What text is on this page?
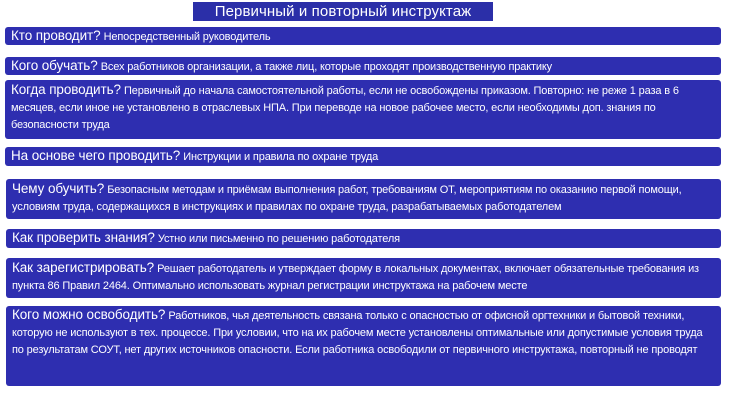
Первичный и повторный инструктаж
Кто проводит? Непосредственный руководитель
Кого обучать? Всех работников организации, а также лиц, которые проходят производственную практику
Когда проводить? Первичный до начала самостоятельной работы, если не освобождены приказом. Повторно: не реже 1 раза в 6 месяцев, если иное не установлено в отраслевых НПА. При переводе на новое рабочее место, если необходимы доп. знания по безопасности труда
На основе чего проводить? Инструкции и правила по охране труда
Чему обучить? Безопасным методам и приёмам выполнения работ, требованиям ОТ, мероприятиям по оказанию первой помощи, условиям труда, содержащихся в инструкциях и правилах по охране труда, разрабатываемых работодателем
Как проверить знания? Устно или письменно по решению работодателя
Как зарегистрировать? Решает работодатель и утверждает форму в локальных документах, включает обязательные требования из пункта 86 Правил 2464. Оптимально использовать журнал регистрации инструктажа на рабочем месте
Кого можно освободить? Работников, чья деятельность связана только с опасностью от офисной оргтехники и бытовой техники, которую не используют в тех. процессе. При условии, что на их рабочем месте установлены оптимальные или допустимые условия труда по результатам СОУТ, нет других источников опасности. Если работника освободили от первичного инструктажа, повторный не проводят
